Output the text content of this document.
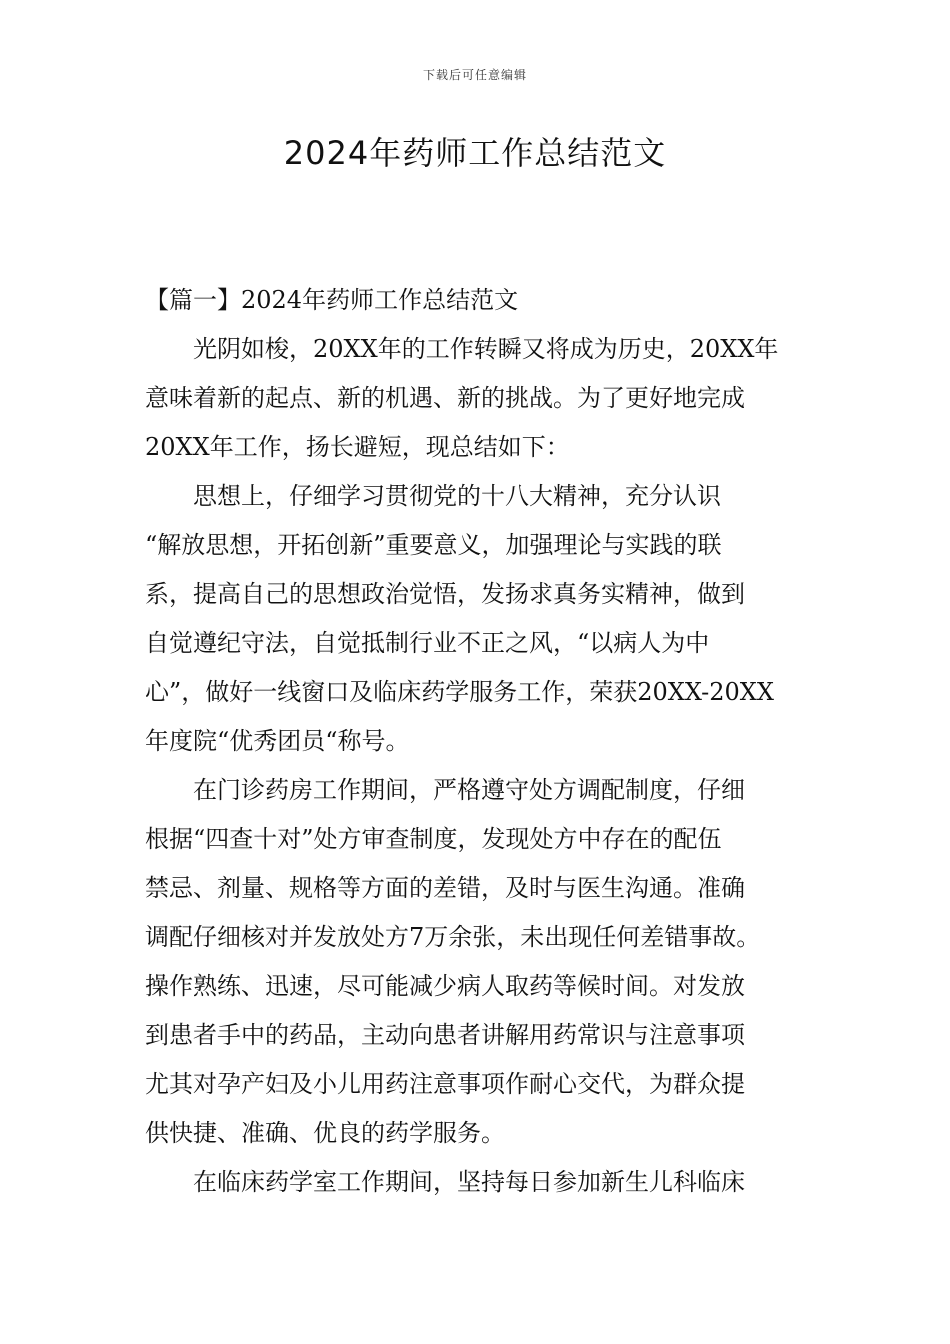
下载后可任意编辑
2024年药师工作总结范文

【篇一】2024年药师工作总结范文

　　光阴如梭，20XX年的工作转瞬又将成为历史，20XX年
意味着新的起点、新的机遇、新的挑战。为了更好地完成
20XX年工作，扬长避短，现总结如下：
　　思想上，仔细学习贯彻党的十八大精神，充分认识
“解放思想，开拓创新”重要意义，加强理论与实践的联
系，提高自己的思想政治觉悟，发扬求真务实精神，做到
自觉遵纪守法，自觉抵制行业不正之风，“以病人为中
心”，做好一线窗口及临床药学服务工作，荣获20XX-20XX
年度院“优秀团员“称号。
　　在门诊药房工作期间，严格遵守处方调配制度，仔细
根据“四查十对”处方审查制度，发现处方中存在的配伍
禁忌、剂量、规格等方面的差错，及时与医生沟通。准确
调配仔细核对并发放处方7万余张，未出现任何差错事故。
操作熟练、迅速，尽可能减少病人取药等候时间。对发放
到患者手中的药品，主动向患者讲解用药常识与注意事项
尤其对孕产妇及小儿用药注意事项作耐心交代，为群众提
供快捷、准确、优良的药学服务。
　　在临床药学室工作期间，坚持每日参加新生儿科临床
